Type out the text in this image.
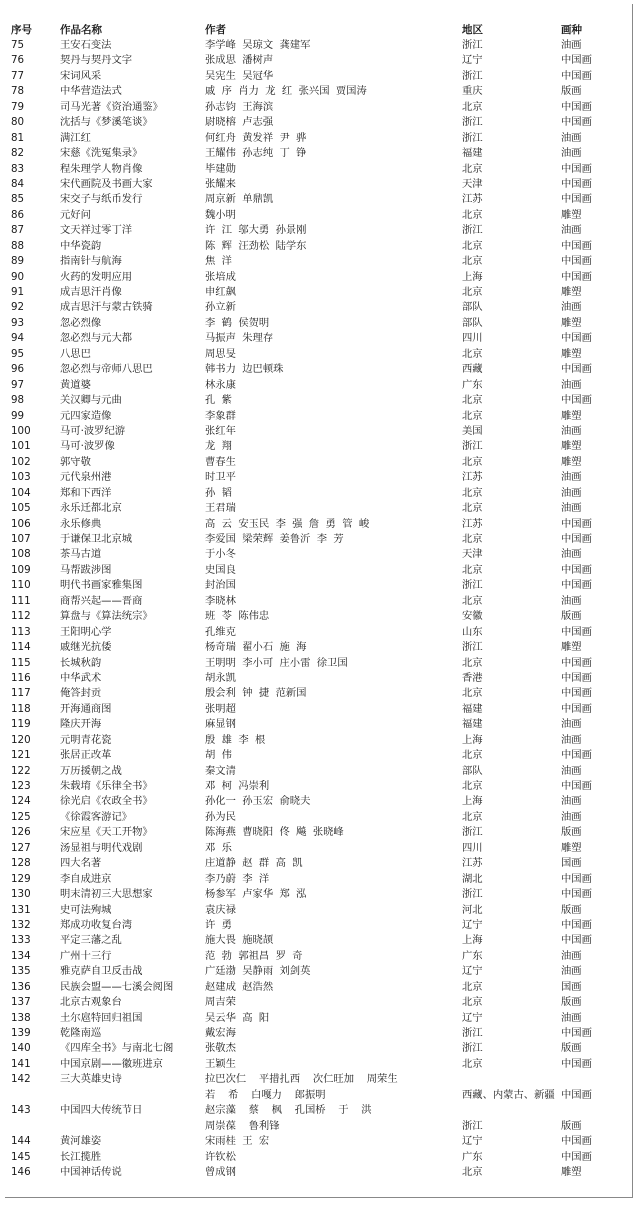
序号	作品名称	作者	地区	画种
75	王安石变法	李学峰 吴琼文 龚建军	浙江	油画
76	契丹与契丹文字	张成思 潘树声	辽宁	中国画
77	宋词风采	吴宪生 吴冠华	浙江	中国画
78	中华营造法式	戚 序 肖力 龙 红 张兴国 贾国涛	重庆	版画
79	司马光著《资治通鉴》	孙志钧 王海滨	北京	中国画
80	沈括与《梦溪笔谈》	尉晓榕 卢志强	浙江	中国画
81	满江红	何红舟 黄发祥 尹 骅	浙江	油画
82	宋慈《洗冤集录》	王耀伟 孙志纯 丁 铮	福建	油画
83	程朱理学人物肖像	毕建勋	北京	中国画
84	宋代画院及书画大家	张耀来	天津	中国画
85	宋交子与纸币发行	周京新 单鼎凯	江苏	中国画
86	元好问	魏小明	北京	雕塑
87	文天祥过零丁洋	许 江 邬大勇 孙景刚	浙江	油画
88	中华瓷韵	陈 辉 汪劲松 陆学东	北京	中国画
89	指南针与航海	焦 洋	北京	中国画
90	火药的发明应用	张培成	上海	中国画
91	成吉思汗肖像	申红飙	北京	雕塑
92	成吉思汗与蒙古铁骑	孙立新	部队	油画
93	忽必烈像	李 鹤 侯贺明	部队	雕塑
94	忽必烈与元大都	马振声 朱理存	四川	中国画
95	八思巴	周思旻	北京	雕塑
96	忽必烈与帝师八思巴	韩书力 边巴顿珠	西藏	中国画
97	黄道婆	林永康	广东	油画
98	关汉卿与元曲	孔 紫	北京	中国画
99	元四家造像	李象群	北京	雕塑
100	马可·波罗纪游	张红年	美国	油画
101	马可·波罗像	龙 翔	浙江	雕塑
102	郭守敬	曹春生	北京	雕塑
103	元代泉州港	时卫平	江苏	油画
104	郑和下西洋	孙 韬	北京	油画
105	永乐迁都北京	王君瑞	北京	油画
106	永乐修典	高 云 安玉民 李 强 詹 勇 管 峻	江苏	中国画
107	于谦保卫北京城	李爱国 梁荣辉 姜鲁沂 李 芳	北京	中国画
108	茶马古道	于小冬	天津	油画
109	马帮跋涉图	史国良	北京	中国画
110	明代书画家雅集图	封治国	浙江	中国画
111	商帮兴起——晋商	李晓林	北京	油画
112	算盘与《算法统宗》	班 苓 陈伟忠	安徽	版画
113	王阳明心学	孔维克	山东	中国画
114	戚继光抗倭	杨奇瑞 翟小石 施 海	浙江	雕塑
115	长城秋韵	王明明 李小可 庄小雷 徐卫国	北京	中国画
116	中华武术	胡永凯	香港	中国画
117	俺答封贡	殷会利 钟 捷 范新国	北京	中国画
118	开海通商图	张明超	福建	中国画
119	隆庆开海	麻显钢	福建	油画
120	元明青花瓷	殷 雄 李 根	上海	油画
121	张居正改革	胡 伟	北京	中国画
122	万历援朝之战	秦文清	部队	油画
123	朱载堉《乐律全书》	邓 柯 冯崇利	北京	中国画
124	徐光启《农政全书》	孙化一 孙玉宏 俞晓夫	上海	油画
125	《徐霞客游记》	孙为民	北京	油画
126	宋应星《天工开物》	陈海燕 曹晓阳 佟 飚 张晓峰	浙江	版画
127	汤显祖与明代戏剧	邓 乐	四川	雕塑
128	四大名著	庄道静 赵 群 高 凯	江苏	国画
129	李自成进京	李乃蔚 李 洋	湖北	中国画
130	明末清初三大思想家	杨参军 卢家华 郑 泓	浙江	中国画
131	史可法殉城	袁庆禄	河北	版画
132	郑成功收复台湾	许 勇	辽宁	中国画
133	平定三藩之乱	施大畏 施晓颉	上海	中国画
134	广州十三行	范 勃 郭祖昌 罗 奇	广东	油画
135	雅克萨自卫反击战	广廷渤 吴静雨 刘剑英	辽宁	油画
136	民族会盟——七溪会阅图	赵建成 赵浩然	北京	国画
137	北京古观象台	周吉荣	北京	版画
138	土尔扈特回归祖国	吴云华 高 阳	辽宁	油画
139	乾隆南巡	戴宏海	浙江	中国画
140	《四库全书》与南北七阁	张敬杰	浙江	版画
141	中国京剧——徽班进京	王颖生	北京	中国画
142	三大英雄史诗	拉巴次仁  平措扎西  次仁旺加  周荣生
若  希  白嘎力  郎振明	西藏、内蒙古、新疆 中国画
143	中国四大传统节日	赵宗藻  蔡  枫  孔国桥  于  洪
周崇葆  鲁利锋	浙江	版画
144	黄河雄姿	宋雨桂 王 宏	辽宁	中国画
145	长江揽胜	许钦松	广东	中国画
146	中国神话传说	曾成钢	北京	雕塑
